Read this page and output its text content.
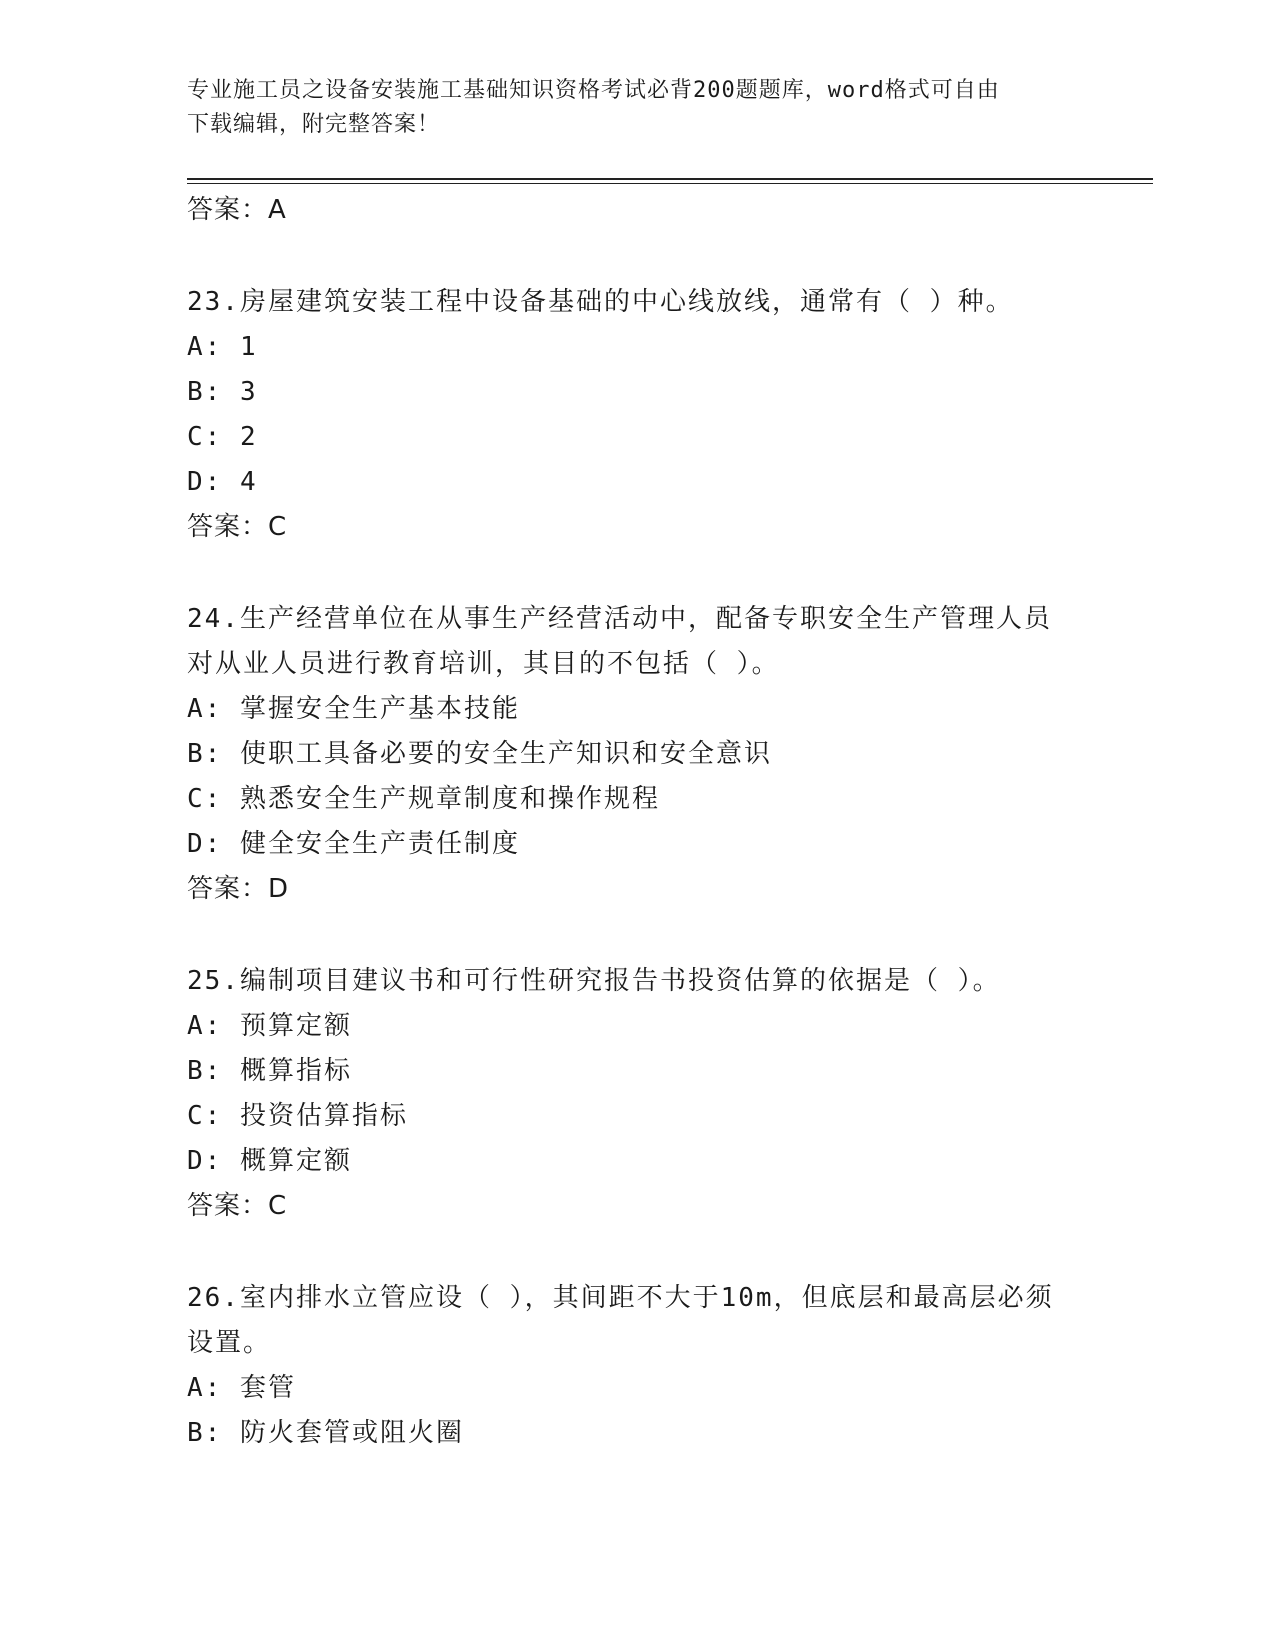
专业施工员之设备安装施工基础知识资格考试必背200题题库，word格式可自由
下载编辑，附完整答案！
答案：A
23.房屋建筑安装工程中设备基础的中心线放线，通常有（ ）种。
A: 1
B: 3
C: 2
D: 4
答案：C
24.生产经营单位在从事生产经营活动中，配备专职安全生产管理人员
对从业人员进行教育培训，其目的不包括（ ）。
A: 掌握安全生产基本技能
B: 使职工具备必要的安全生产知识和安全意识
C: 熟悉安全生产规章制度和操作规程
D: 健全安全生产责任制度
答案：D
25.编制项目建议书和可行性研究报告书投资估算的依据是（ ）。
A: 预算定额
B: 概算指标
C: 投资估算指标
D: 概算定额
答案：C
26.室内排水立管应设（ ），其间距不大于10m，但底层和最高层必须
设置。
A: 套管
B: 防火套管或阻火圈
